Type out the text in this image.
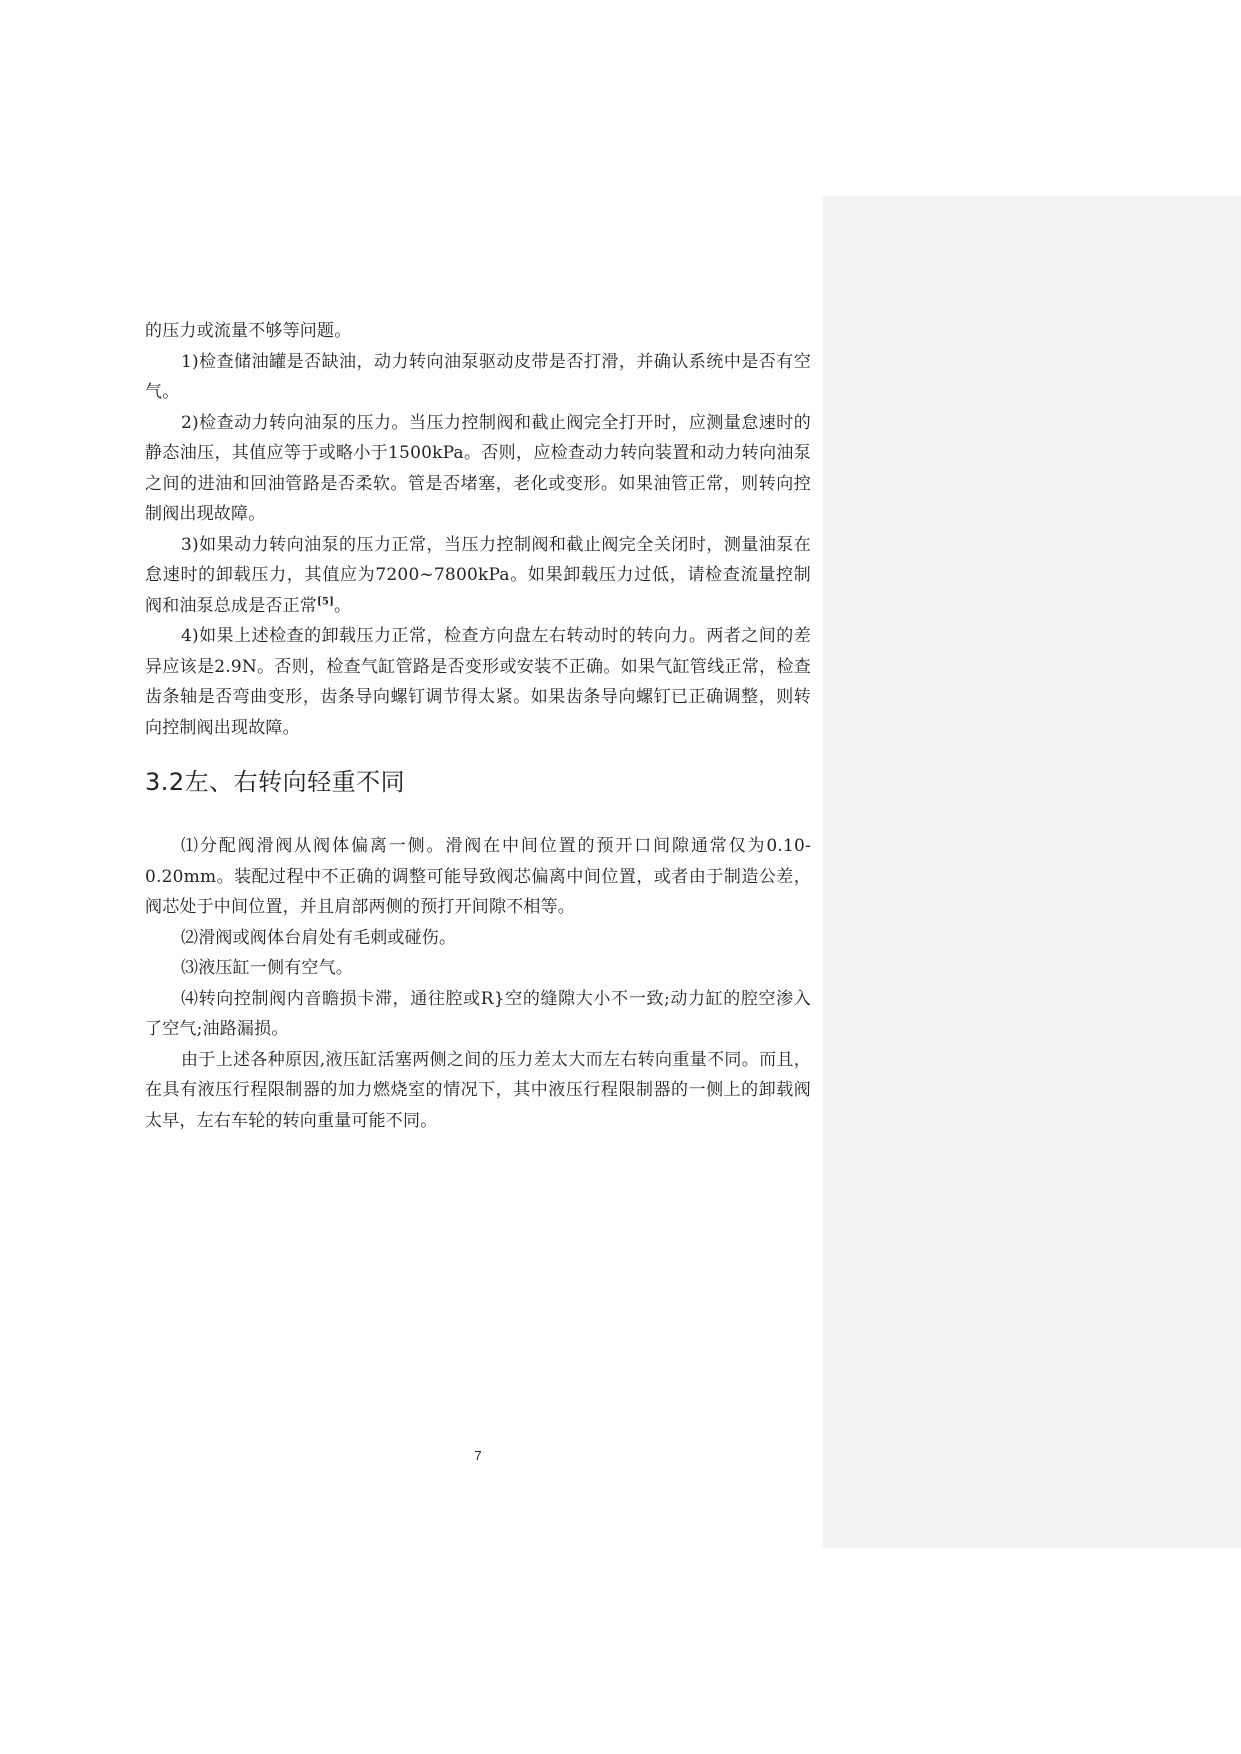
的压力或流量不够等问题。

1)检查储油罐是否缺油，动力转向油泵驱动皮带是否打滑，并确认系统中是否有空气。

2)检查动力转向油泵的压力。当压力控制阀和截止阀完全打开时，应测量怠速时的静态油压，其值应等于或略小于1500kPa。否则，应检查动力转向装置和动力转向油泵之间的进油和回油管路是否柔软。管是否堵塞，老化或变形。如果油管正常，则转向控制阀出现故障。

3)如果动力转向油泵的压力正常，当压力控制阀和截止阀完全关闭时，测量油泵在怠速时的卸载压力，其值应为7200~7800kPa。如果卸载压力过低，请检查流量控制阀和油泵总成是否正常[5]。

4)如果上述检查的卸载压力正常，检查方向盘左右转动时的转向力。两者之间的差异应该是2.9N。否则，检查气缸管路是否变形或安装不正确。如果气缸管线正常，检查齿条轴是否弯曲变形，齿条导向螺钉调节得太紧。如果齿条导向螺钉已正确调整，则转向控制阀出现故障。

3.2左、右转向轻重不同

⑴分配阀滑阀从阀体偏离一侧。滑阀在中间位置的预开口间隙通常仅为0.10-0.20mm。装配过程中不正确的调整可能导致阀芯偏离中间位置，或者由于制造公差，阀芯处于中间位置，并且肩部两侧的预打开间隙不相等。

⑵滑阀或阀体台肩处有毛刺或碰伤。

⑶液压缸一侧有空气。

⑷转向控制阀内音瞻损卡滞，通往腔或R}空的缝隙大小不一致;动力缸的腔空渗入了空气;油路漏损。

由于上述各种原因,液压缸活塞两侧之间的压力差太大而左右转向重量不同。而且，在具有液压行程限制器的加力燃烧室的情况下，其中液压行程限制器的一侧上的卸载阀太早，左右车轮的转向重量可能不同。

7
